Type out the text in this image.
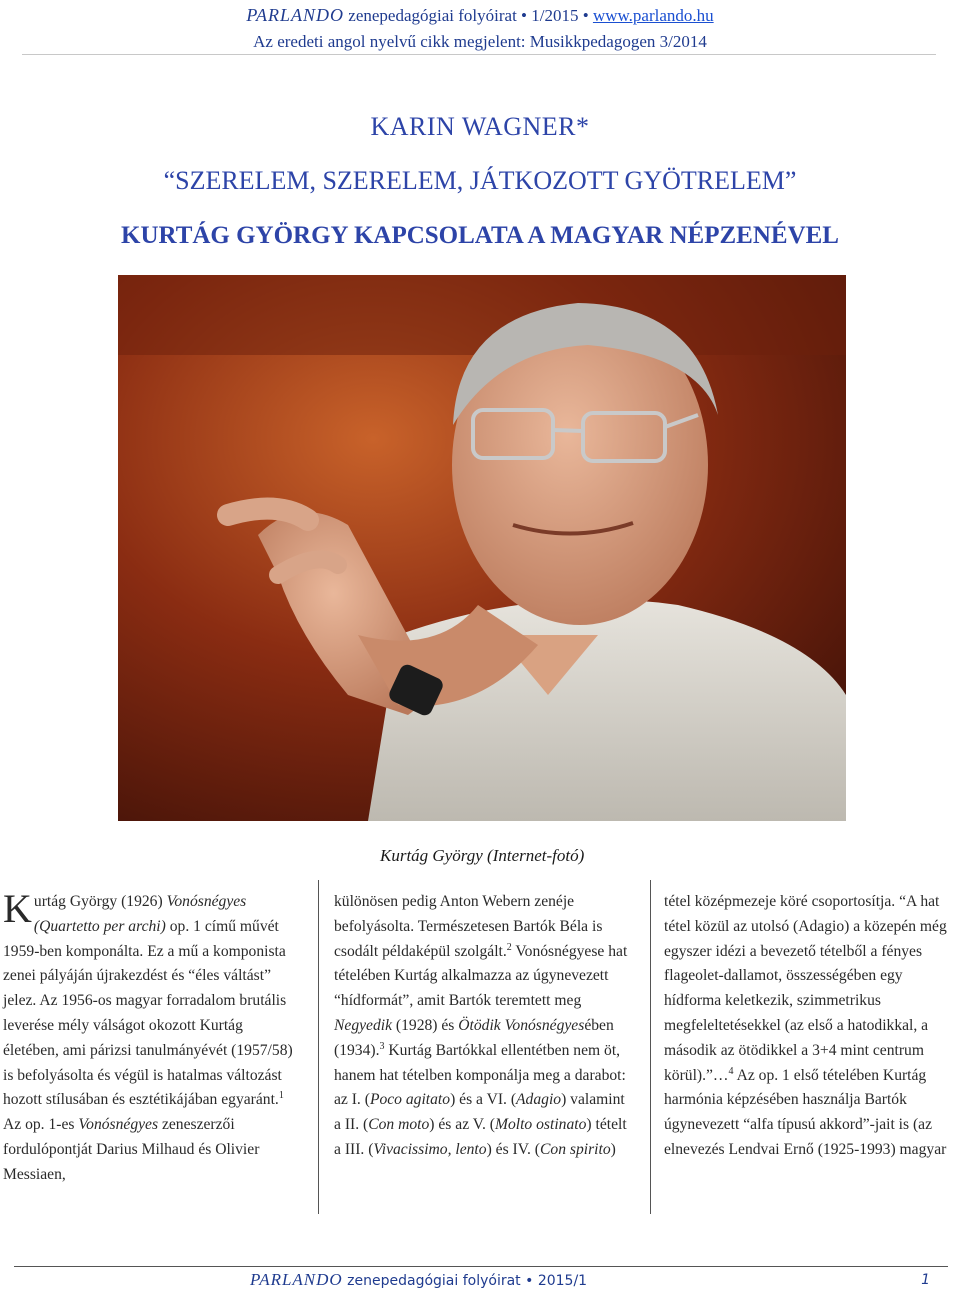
PARLANDO zenepedagógiai folyóirat • 1/2015 • www.parlando.hu
Az eredeti angol nyelvű cikk megjelent: Musikkpedagogen 3/2014
KARIN WAGNER*
“SZERELEM, SZERELEM, JÁTKOZOTT GYÖTRELEM”
KURTÁG GYÖRGY KAPCSOLATA A MAGYAR NÉPZENÉVEL
Kurtág György (Internet-fotó)

Kurtág György (1926) Vonósnégyes (Quartetto per archi) op. 1 című művét 1959-ben komponálta. Ez a mű a komponista zenei pályáján újrakezdést és “éles váltást” jelez. Az 1956-os magyar forradalom brutális leverése mély válságot okozott Kurtág életében, ami párizsi tanulmányévét (1957/58) is befolyásolta és végül is hatalmas változást hozott stílusában és esztétikájában egyaránt.$^1$ Az op. 1-es Vonósnégyes zeneszerzői fordulópontját Darius Milhaud és Olivier Messiaen,

különösen pedig Anton Webern zenéje befolyásolta. Természetesen Bartók Béla is csodált példaképül szolgált.$^2$ Vonósnégyese hat tételében Kurtág alkalmazza az úgynevezett “hídformát”, amit Bartók teremtett meg Negyedik (1928) és Ötödik Vonósnégyesében (1934).$^3$ Kurtág Bartókkal ellentétben nem öt, hanem hat tételben komponálja meg a darabot: az I. (Poco agitato) és a VI. (Adagio) valamint a II. (Con moto) és az V. (Molto ostinato) tételt a III. (Vivacissimo, lento) és IV. (Con spirito)

tétel középmezeje köré csoportosítja. “A hat tétel közül az utolsó (Adagio) a közepén még egyszer idézi a bevezető tételből a fényes flageolet-dallamot, összességében egy hídforma keletkezik, szimmetrikus megfeleltetésekkel (az első a hatodikkal, a második az ötödikkel a 3+4 mint centrum körül).”…$^4$ Az op. 1 első tételében Kurtág harmónia képzésében használja Bartók úgynevezett “alfa típusú akkord”-jait is (az elnevezés Lendvai Ernő (1925-1993) magyar

PARLANDO zenepedagógiai folyóirat • 2015/1	1
